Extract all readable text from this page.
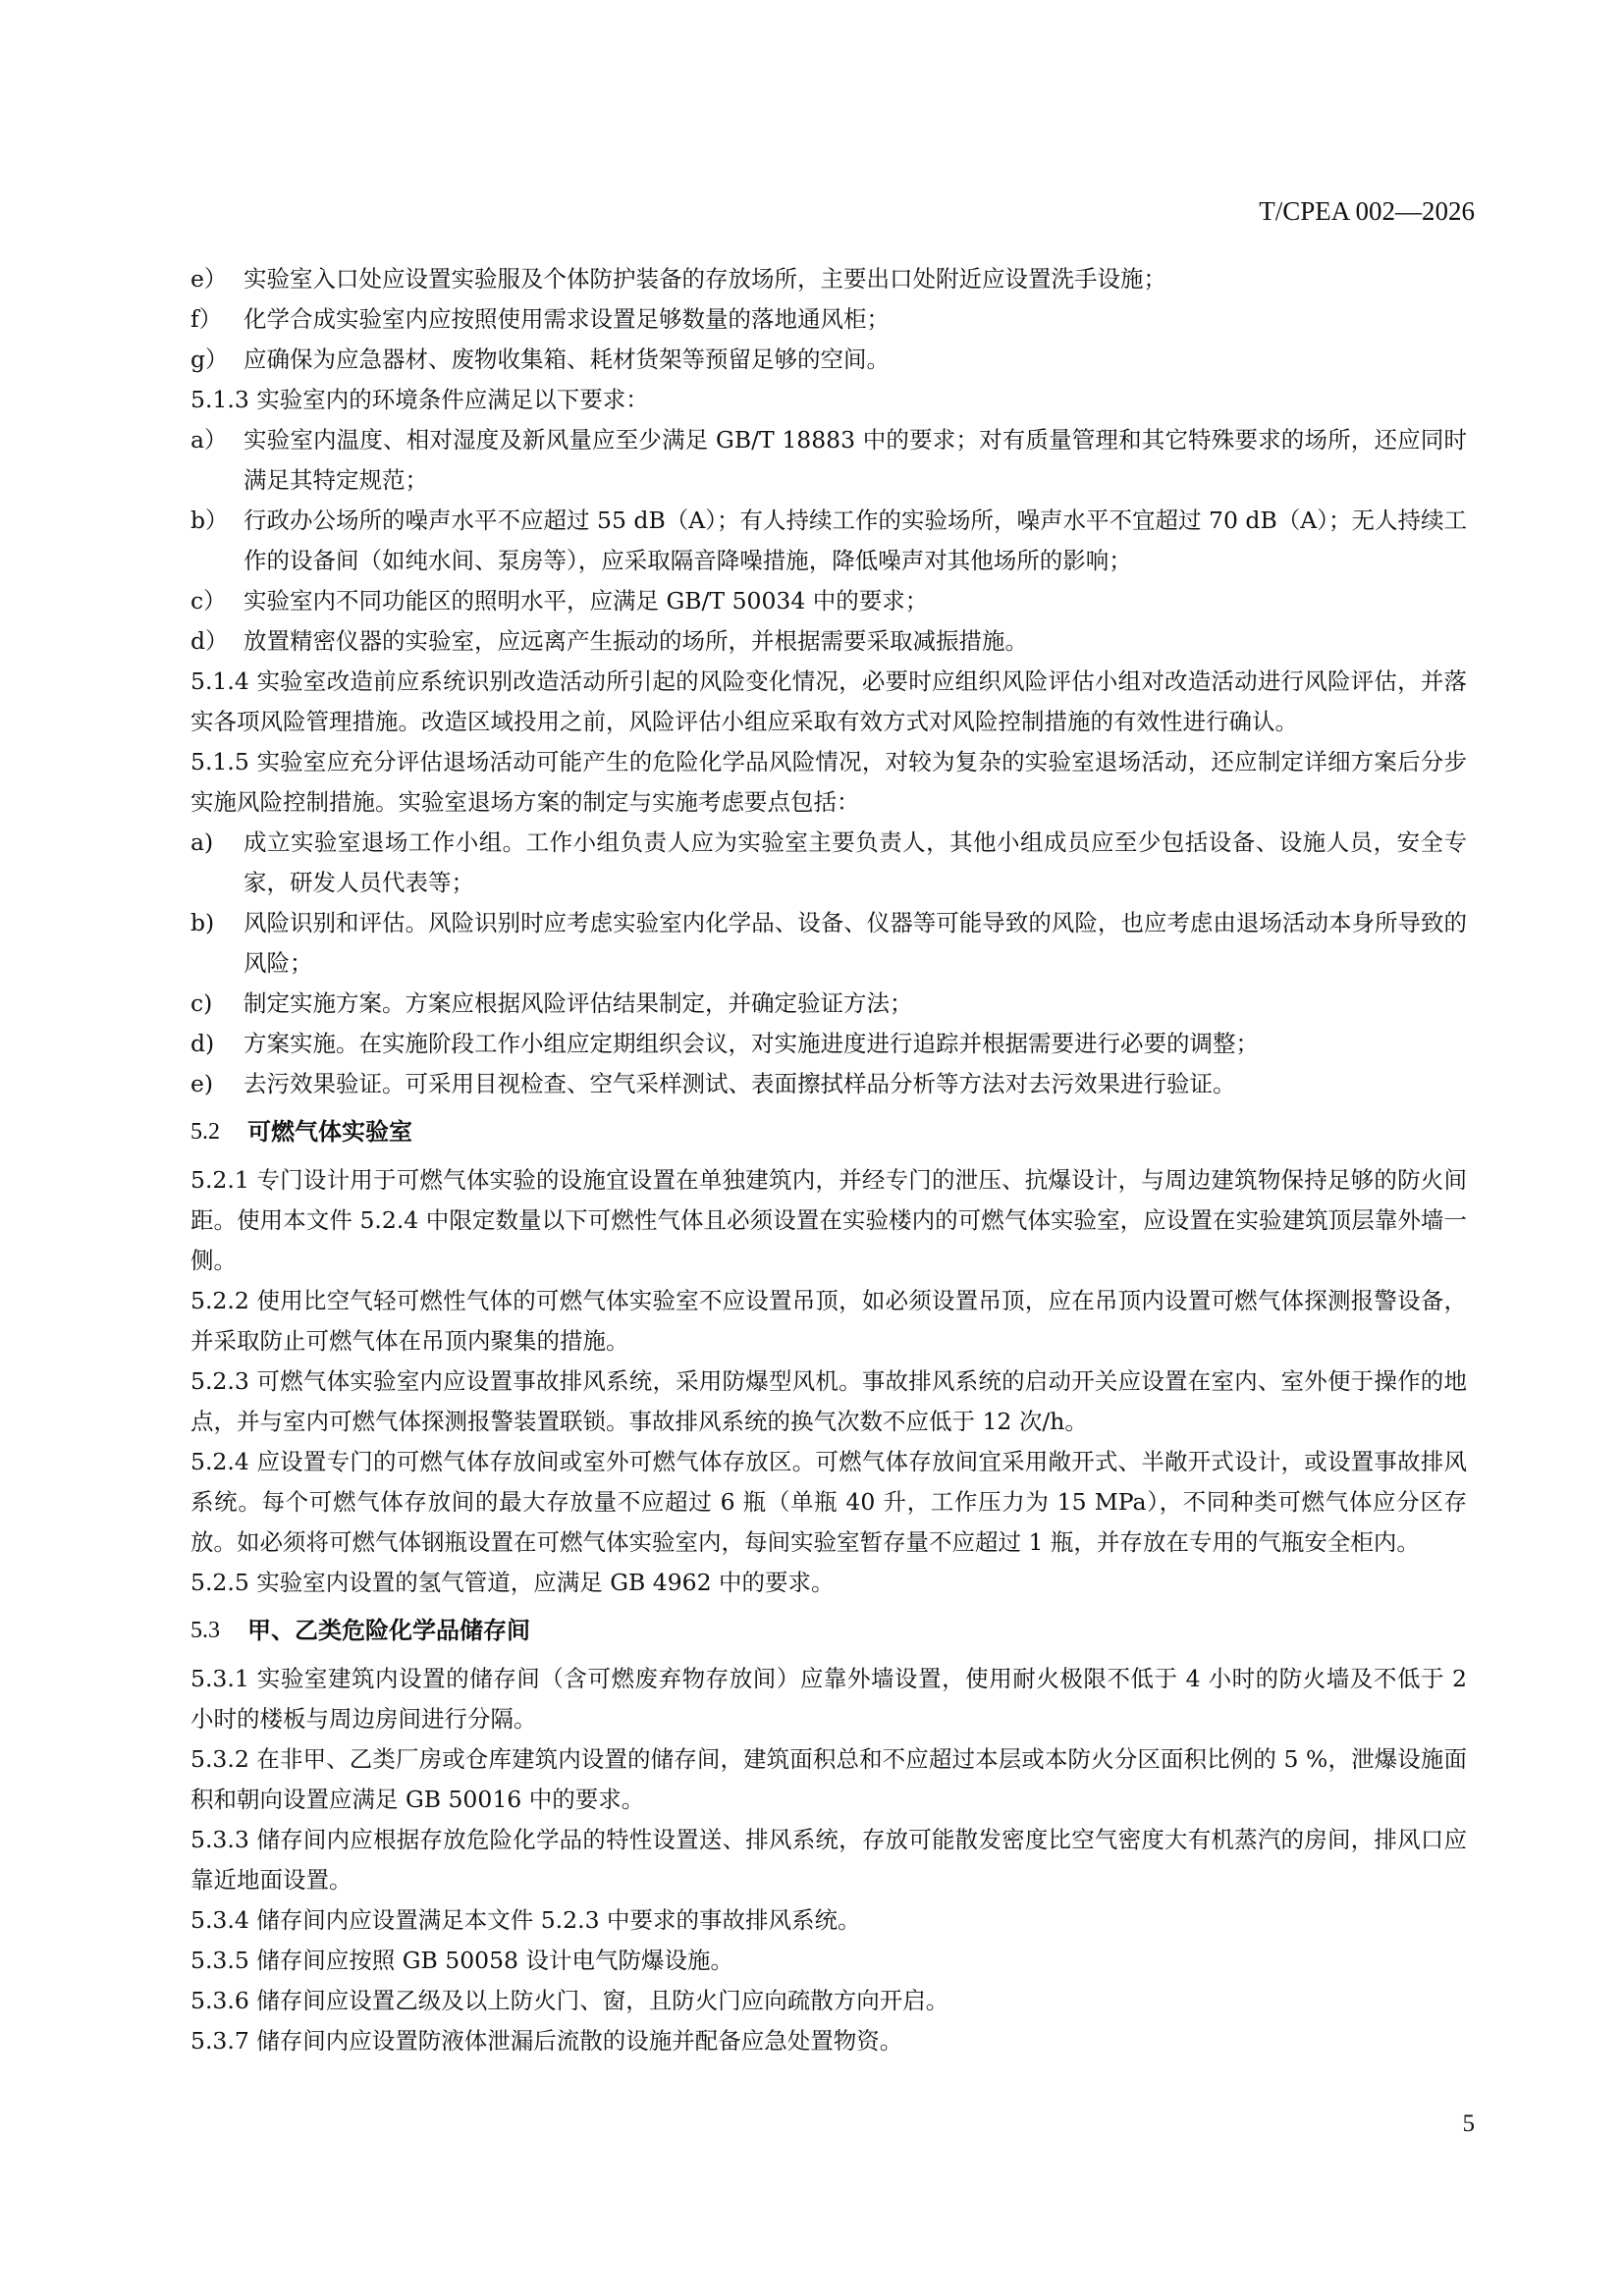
T/CPEA 002—2026
e） 实验室入口处应设置实验服及个体防护装备的存放场所，主要出口处附近应设置洗手设施；
f） 化学合成实验室内应按照使用需求设置足够数量的落地通风柜；
g） 应确保为应急器材、废物收集箱、耗材货架等预留足够的空间。

5.1.3 实验室内的环境条件应满足以下要求：

a） 实验室内温度、相对湿度及新风量应至少满足 GB/T 18883 中的要求；对有质量管理和其它特殊要求的场所，还应同时满足其特定规范；
b） 行政办公场所的噪声水平不应超过 55 dB（A）；有人持续工作的实验场所，噪声水平不宜超过 70 dB（A）；无人持续工作的设备间（如纯水间、泵房等），应采取隔音降噪措施，降低噪声对其他场所的影响；
c） 实验室内不同功能区的照明水平，应满足 GB/T 50034 中的要求；
d） 放置精密仪器的实验室，应远离产生振动的场所，并根据需要采取减振措施。

5.1.4 实验室改造前应系统识别改造活动所引起的风险变化情况，必要时应组织风险评估小组对改造活动进行风险评估，并落实各项风险管理措施。改造区域投用之前，风险评估小组应采取有效方式对风险控制措施的有效性进行确认。

5.1.5 实验室应充分评估退场活动可能产生的危险化学品风险情况，对较为复杂的实验室退场活动，还应制定详细方案后分步实施风险控制措施。实验室退场方案的制定与实施考虑要点包括：

a)	成立实验室退场工作小组。工作小组负责人应为实验室主要负责人，其他小组成员应至少包括设备、设施人员，安全专家，研发人员代表等；
b)	风险识别和评估。风险识别时应考虑实验室内化学品、设备、仪器等可能导致的风险，也应考虑由退场活动本身所导致的风险；
c)	制定实施方案。方案应根据风险评估结果制定，并确定验证方法；
d)	方案实施。在实施阶段工作小组应定期组织会议，对实施进度进行追踪并根据需要进行必要的调整；
e)	去污效果验证。可采用目视检查、空气采样测试、表面擦拭样品分析等方法对去污效果进行验证。
5.2	可燃气体实验室

5.2.1 专门设计用于可燃气体实验的设施宜设置在单独建筑内，并经专门的泄压、抗爆设计，与周边建筑物保持足够的防火间距。使用本文件 5.2.4 中限定数量以下可燃性气体且必须设置在实验楼内的可燃气体实验室，应设置在实验建筑顶层靠外墙一侧。

5.2.2 使用比空气轻可燃性气体的可燃气体实验室不应设置吊顶，如必须设置吊顶，应在吊顶内设置可燃气体探测报警设备，并采取防止可燃气体在吊顶内聚集的措施。

5.2.3 可燃气体实验室内应设置事故排风系统，采用防爆型风机。事故排风系统的启动开关应设置在室内、室外便于操作的地点，并与室内可燃气体探测报警装置联锁。事故排风系统的换气次数不应低于 12 次/h。

5.2.4 应设置专门的可燃气体存放间或室外可燃气体存放区。可燃气体存放间宜采用敞开式、半敞开式设计，或设置事故排风系统。每个可燃气体存放间的最大存放量不应超过 6 瓶（单瓶 40 升，工作压力为 15 MPa），不同种类可燃气体应分区存放。如必须将可燃气体钢瓶设置在可燃气体实验室内，每间实验室暂存量不应超过 1 瓶，并存放在专用的气瓶安全柜内。

5.2.5 实验室内设置的氢气管道，应满足 GB 4962 中的要求。

5.3	甲、乙类危险化学品储存间

5.3.1 实验室建筑内设置的储存间（含可燃废弃物存放间）应靠外墙设置，使用耐火极限不低于 4 小时的防火墙及不低于 2 小时的楼板与周边房间进行分隔。

5.3.2 在非甲、乙类厂房或仓库建筑内设置的储存间，建筑面积总和不应超过本层或本防火分区面积比例的 5 %，泄爆设施面积和朝向设置应满足 GB 50016 中的要求。

5.3.3 储存间内应根据存放危险化学品的特性设置送、排风系统，存放可能散发密度比空气密度大有机蒸汽的房间，排风口应靠近地面设置。

5.3.4 储存间内应设置满足本文件 5.2.3 中要求的事故排风系统。

5.3.5 储存间应按照 GB 50058 设计电气防爆设施。

5.3.6 储存间应设置乙级及以上防火门、窗，且防火门应向疏散方向开启。

5.3.7 储存间内应设置防液体泄漏后流散的设施并配备应急处置物资。

5
